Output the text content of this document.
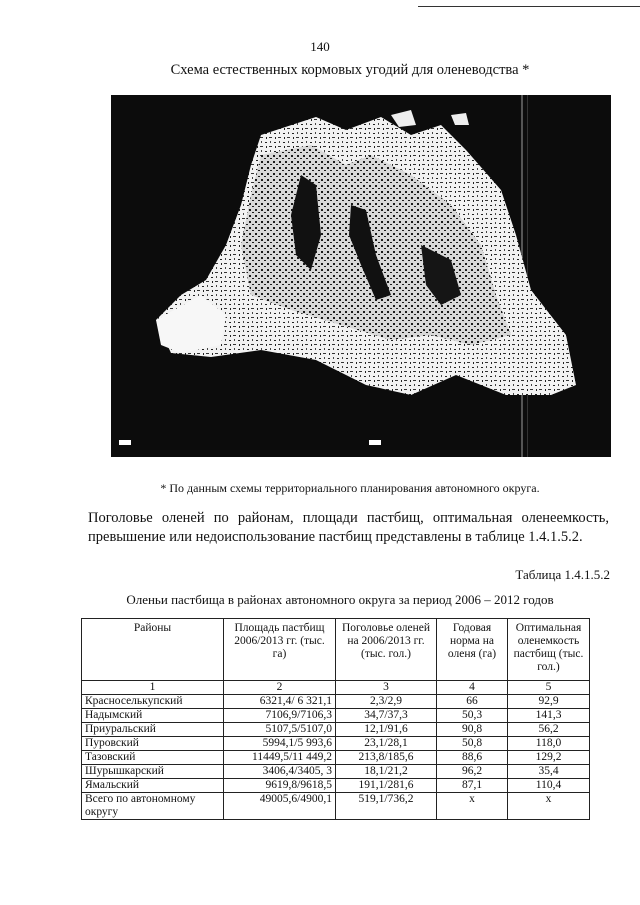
140
Схема естественных кормовых угодий для оленеводства *
* По данным схемы территориального планирования автономного округа.
Поголовье оленей по районам, площади пастбищ, оптимальная оленеемкость, превышение или недоиспользование пастбищ представлены в таблице 1.4.1.5.2.
Таблица 1.4.1.5.2
Оленьи пастбища в районах автономного округа за период 2006 – 2012 годов
Районы	Площадь пастбищ 2006/2013 гг. (тыс. га)	Поголовье оленей на 2006/2013 гг. (тыс. гол.)	Годовая норма на оленя (га)	Оптимальная оленемкость пастбищ (тыс. гол.)
1	2	3	4	5
Красноселькупский	6321,4/ 6 321,1	2,3/2,9	66	92,9
Надымский	7106,9/7106,3	34,7/37,3	50,3	141,3
Приуральский	5107,5/5107,0	12,1/91,6	90,8	56,2
Пуровский	5994,1/5 993,6	23,1/28,1	50,8	118,0
Тазовский	11449,5/11 449,2	213,8/185,6	88,6	129,2
Шурышкарский	3406,4/3405, 3	18,1/21,2	96,2	35,4
Ямальский	9619,8/9618,5	191,1/281,6	87,1	110,4
Всего по автономному округу	49005,6/4900,1	519,1/736,2	x	x
